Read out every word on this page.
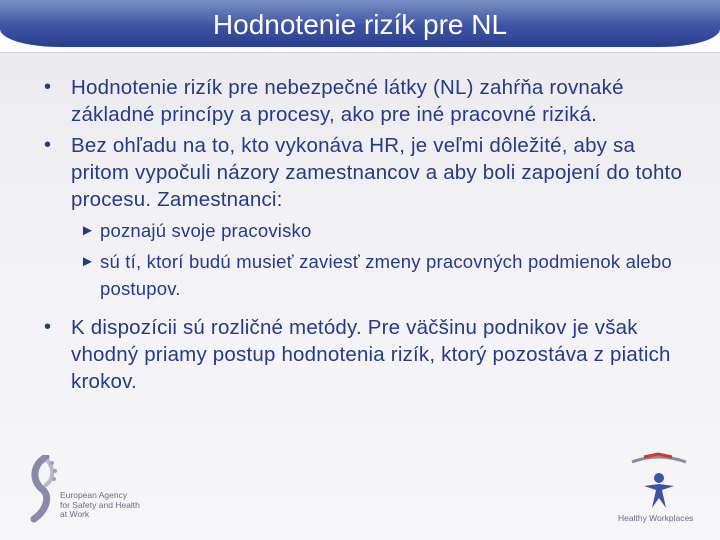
Hodnotenie rizík pre NL
• Hodnotenie rizík pre nebezpečné látky (NL) zahŕňa rovnaké základné princípy a procesy, ako pre iné pracovné riziká.
• Bez ohľadu na to, kto vykonáva HR, je veľmi dôležité, aby sa pritom vypočuli názory zamestnancov a aby boli zapojení do tohto procesu. Zamestnanci:
► poznajú svoje pracovisko
► sú tí, ktorí budú musieť zaviesť zmeny pracovných podmienok alebo postupov.
• K dispozícii sú rozličné metódy. Pre väčšinu podnikov je však vhodný priamy postup hodnotenia rizík, ktorý pozostáva z piatich krokov.
European Agency
for Safety and Health
at Work	Healthy Workplaces
